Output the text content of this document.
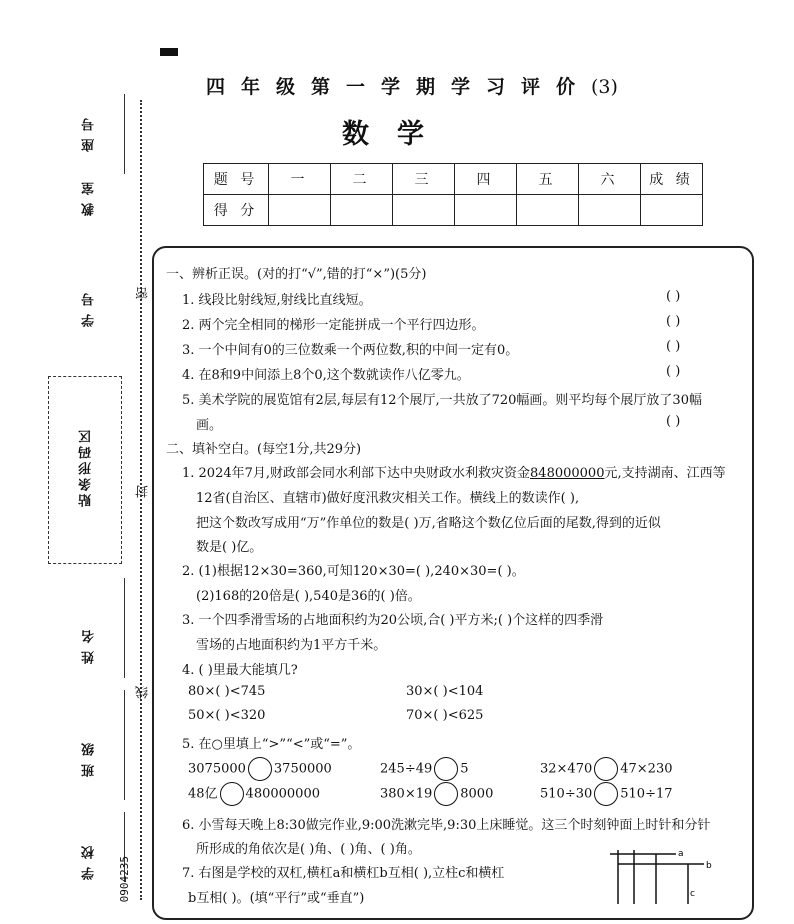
四年级第一学期学习评价(3)
数学
题 号	一	二	三	四	五	六	成 绩
得 分							
座号
教室
学号
贴条形码区
姓名
班级
学校
密
封
线
0904235
一、辨析正误。(对的打“√”,错的打“×”)(5分)
1. 线段比射线短,射线比直线短。	( )
2. 两个完全相同的梯形一定能拼成一个平行四边形。	( )
3. 一个中间有0的三位数乘一个两位数,积的中间一定有0。	( )
4. 在8和9中间添上8个0,这个数就读作八亿零九。	( )
5. 美术学院的展览馆有2层,每层有12个展厅,一共放了720幅画。则平均每个展厅放了30幅
画。	( )
二、填补空白。(每空1分,共29分)
1. 2024年7月,财政部会同水利部下达中央财政水利救灾资金848000000元,支持湖南、江西等
12省(自治区、直辖市)做好度汛救灾相关工作。横线上的数读作( ),
把这个数改写成用“万”作单位的数是( )万,省略这个数亿位后面的尾数,得到的近似
数是( )亿。
2. (1)根据12×30=360,可知120×30=( ),240×30=( )。
(2)168的20倍是( ),540是36的( )倍。
3. 一个四季滑雪场的占地面积约为20公顷,合( )平方米;( )个这样的四季滑
雪场的占地面积约为1平方千米。
4. ( )里最大能填几?
80×( )<745	30×( )<104
50×( )<320	70×( )<625
5. 在○里填上“>”“<”或“=”。
3075000 3750000	245÷49 5	32×470 47×230
48亿 480000000	380×19 8000	510÷30 510÷17
6. 小雪每天晚上8:30做完作业,9:00洗漱完毕,9:30上床睡觉。这三个时刻钟面上时针和分针
所形成的角依次是( )角、( )角、( )角。
7. 右图是学校的双杠,横杠a和横杠b互相( ),立柱c和横杠
b互相( )。(填“平行”或“垂直”)
a
b
c
